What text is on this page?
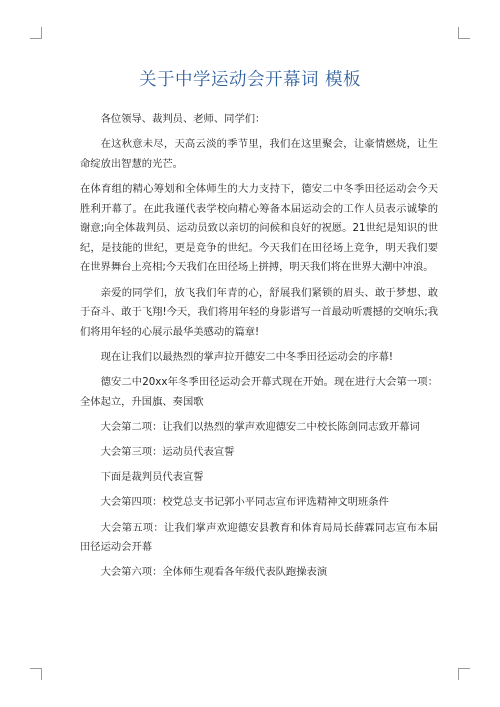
关于中学运动会开幕词 模板

各位领导、裁判员、老师、同学们：

在这秋意未尽，天高云淡的季节里，我们在这里聚会，让豪情燃烧，让生命绽放出智慧的光芒。

在体育组的精心筹划和全体师生的大力支持下，德安二中冬季田径运动会今天胜利开幕了。在此我谨代表学校向精心筹备本届运动会的工作人员表示诚挚的谢意;向全体裁判员、运动员致以亲切的问候和良好的祝愿。21世纪是知识的世纪，是技能的世纪，更是竞争的世纪。今天我们在田径场上竞争，明天我们要在世界舞台上亮相;今天我们在田径场上拼搏，明天我们将在世界大潮中冲浪。

亲爱的同学们，放飞我们年青的心，舒展我们紧锁的眉头、敢于梦想、敢于奋斗、敢于飞翔!今天，我们将用年轻的身影谱写一首最动听震撼的交响乐;我们将用年轻的心展示最华美感动的篇章!

现在让我们以最热烈的掌声拉开德安二中冬季田径运动会的序幕!

德安二中20xx年冬季田径运动会开幕式现在开始。现在进行大会第一项：全体起立，升国旗、奏国歌

大会第二项：让我们以热烈的掌声欢迎德安二中校长陈剑同志致开幕词

大会第三项：运动员代表宣誓

下面是裁判员代表宣誓

大会第四项：校党总支书记郭小平同志宣布评选精神文明班条件

大会第五项：让我们掌声欢迎德安县教育和体育局局长薛霖同志宣布本届田径运动会开幕

大会第六项：全体师生观看各年级代表队跑操表演
